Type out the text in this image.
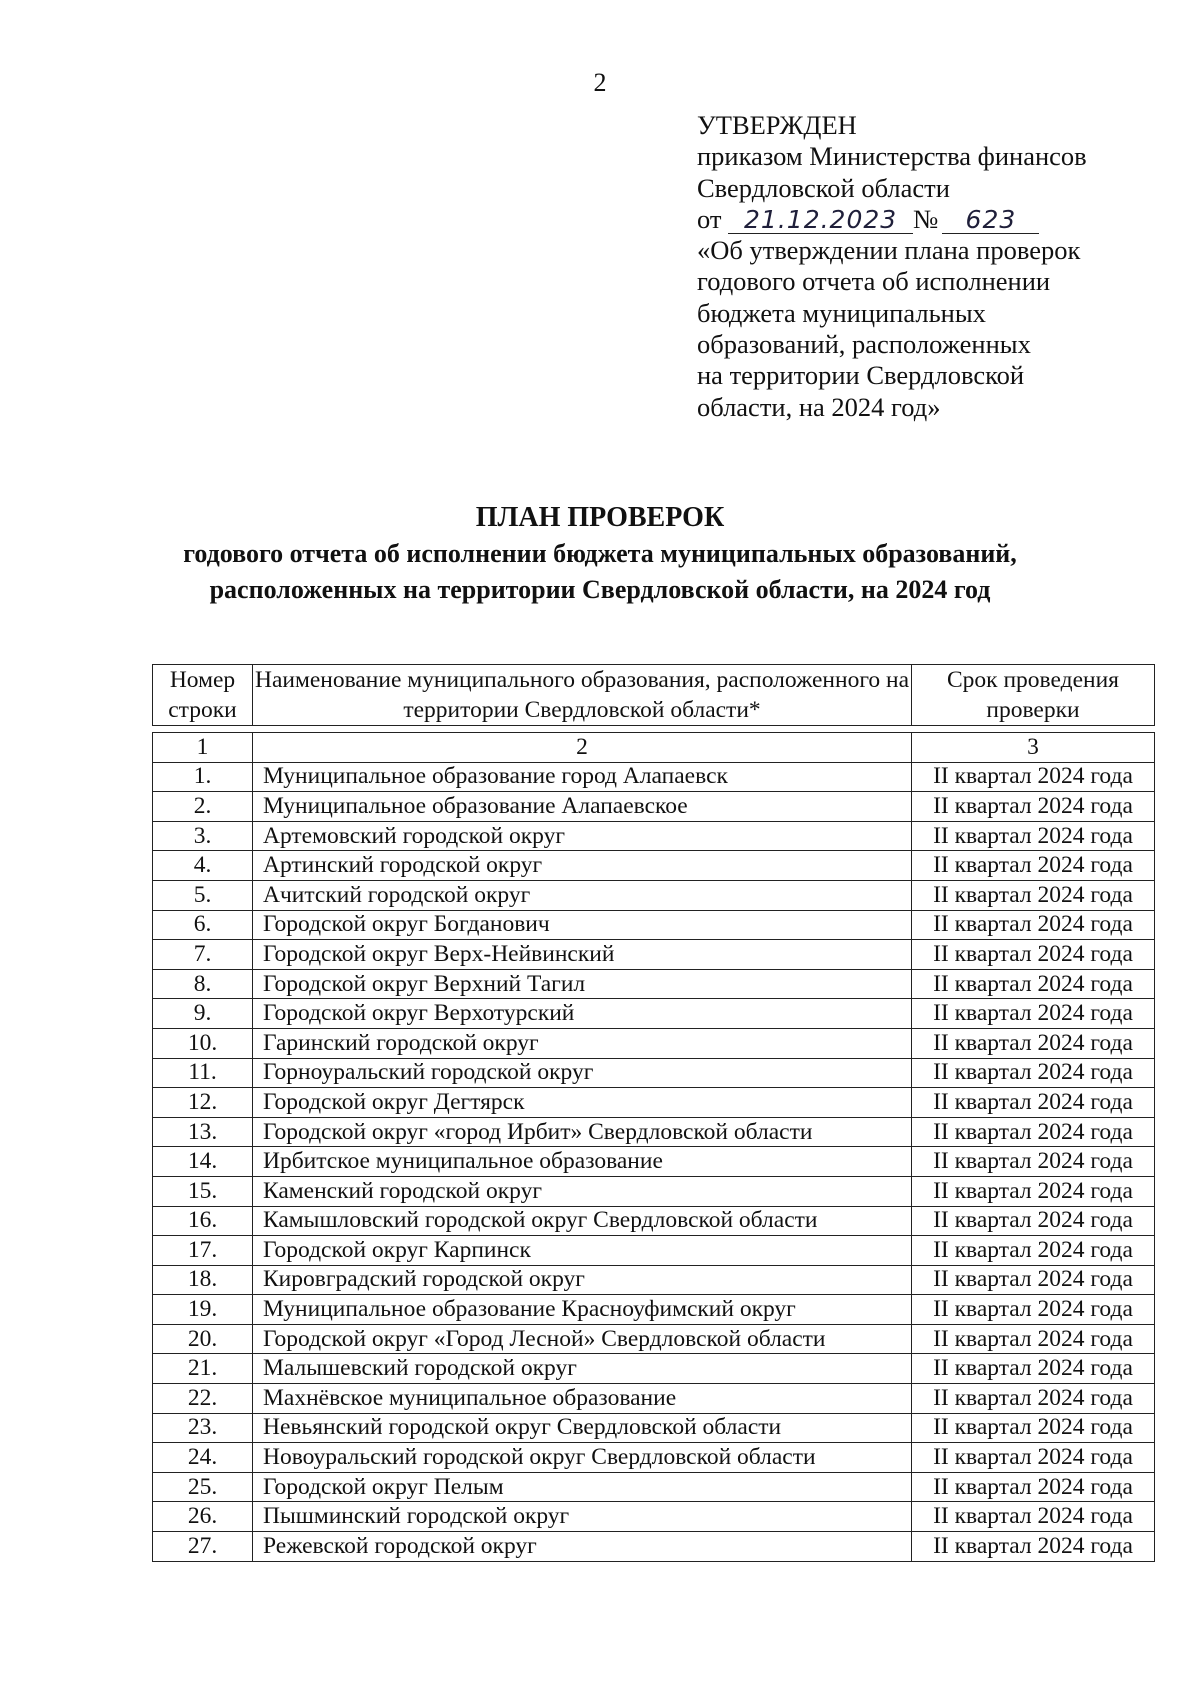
2
УТВЕРЖДЕН
приказом Министерства финансов
Свердловской области
от 21.12.2023 № 623
«Об утверждении плана проверок
годового отчета об исполнении
бюджета муниципальных
образований, расположенных
на территории Свердловской
области, на 2024 год»
ПЛАН ПРОВЕРОК
годового отчета об исполнении бюджета муниципальных образований,
расположенных на территории Свердловской области, на 2024 год
Номер строки	Наименование муниципального образования, расположенного на территории Свердловской области*	Срок проведения проверки
1	2	3
1.	Муниципальное образование город Алапаевск	II квартал 2024 года
2.	Муниципальное образование Алапаевское	II квартал 2024 года
3.	Артемовский городской округ	II квартал 2024 года
4.	Артинский городской округ	II квартал 2024 года
5.	Ачитский городской округ	II квартал 2024 года
6.	Городской округ Богданович	II квартал 2024 года
7.	Городской округ Верх-Нейвинский	II квартал 2024 года
8.	Городской округ Верхний Тагил	II квартал 2024 года
9.	Городской округ Верхотурский	II квартал 2024 года
10.	Гаринский городской округ	II квартал 2024 года
11.	Горноуральский городской округ	II квартал 2024 года
12.	Городской округ Дегтярск	II квартал 2024 года
13.	Городской округ «город Ирбит» Свердловской области	II квартал 2024 года
14.	Ирбитское муниципальное образование	II квартал 2024 года
15.	Каменский городской округ	II квартал 2024 года
16.	Камышловский городской округ Свердловской области	II квартал 2024 года
17.	Городской округ Карпинск	II квартал 2024 года
18.	Кировградский городской округ	II квартал 2024 года
19.	Муниципальное образование Красноуфимский округ	II квартал 2024 года
20.	Городской округ «Город Лесной» Свердловской области	II квартал 2024 года
21.	Малышевский городской округ	II квартал 2024 года
22.	Махнёвское муниципальное образование	II квартал 2024 года
23.	Невьянский городской округ Свердловской области	II квартал 2024 года
24.	Новоуральский городской округ Свердловской области	II квартал 2024 года
25.	Городской округ Пелым	II квартал 2024 года
26.	Пышминский городской округ	II квартал 2024 года
27.	Режевской городской округ	II квартал 2024 года
